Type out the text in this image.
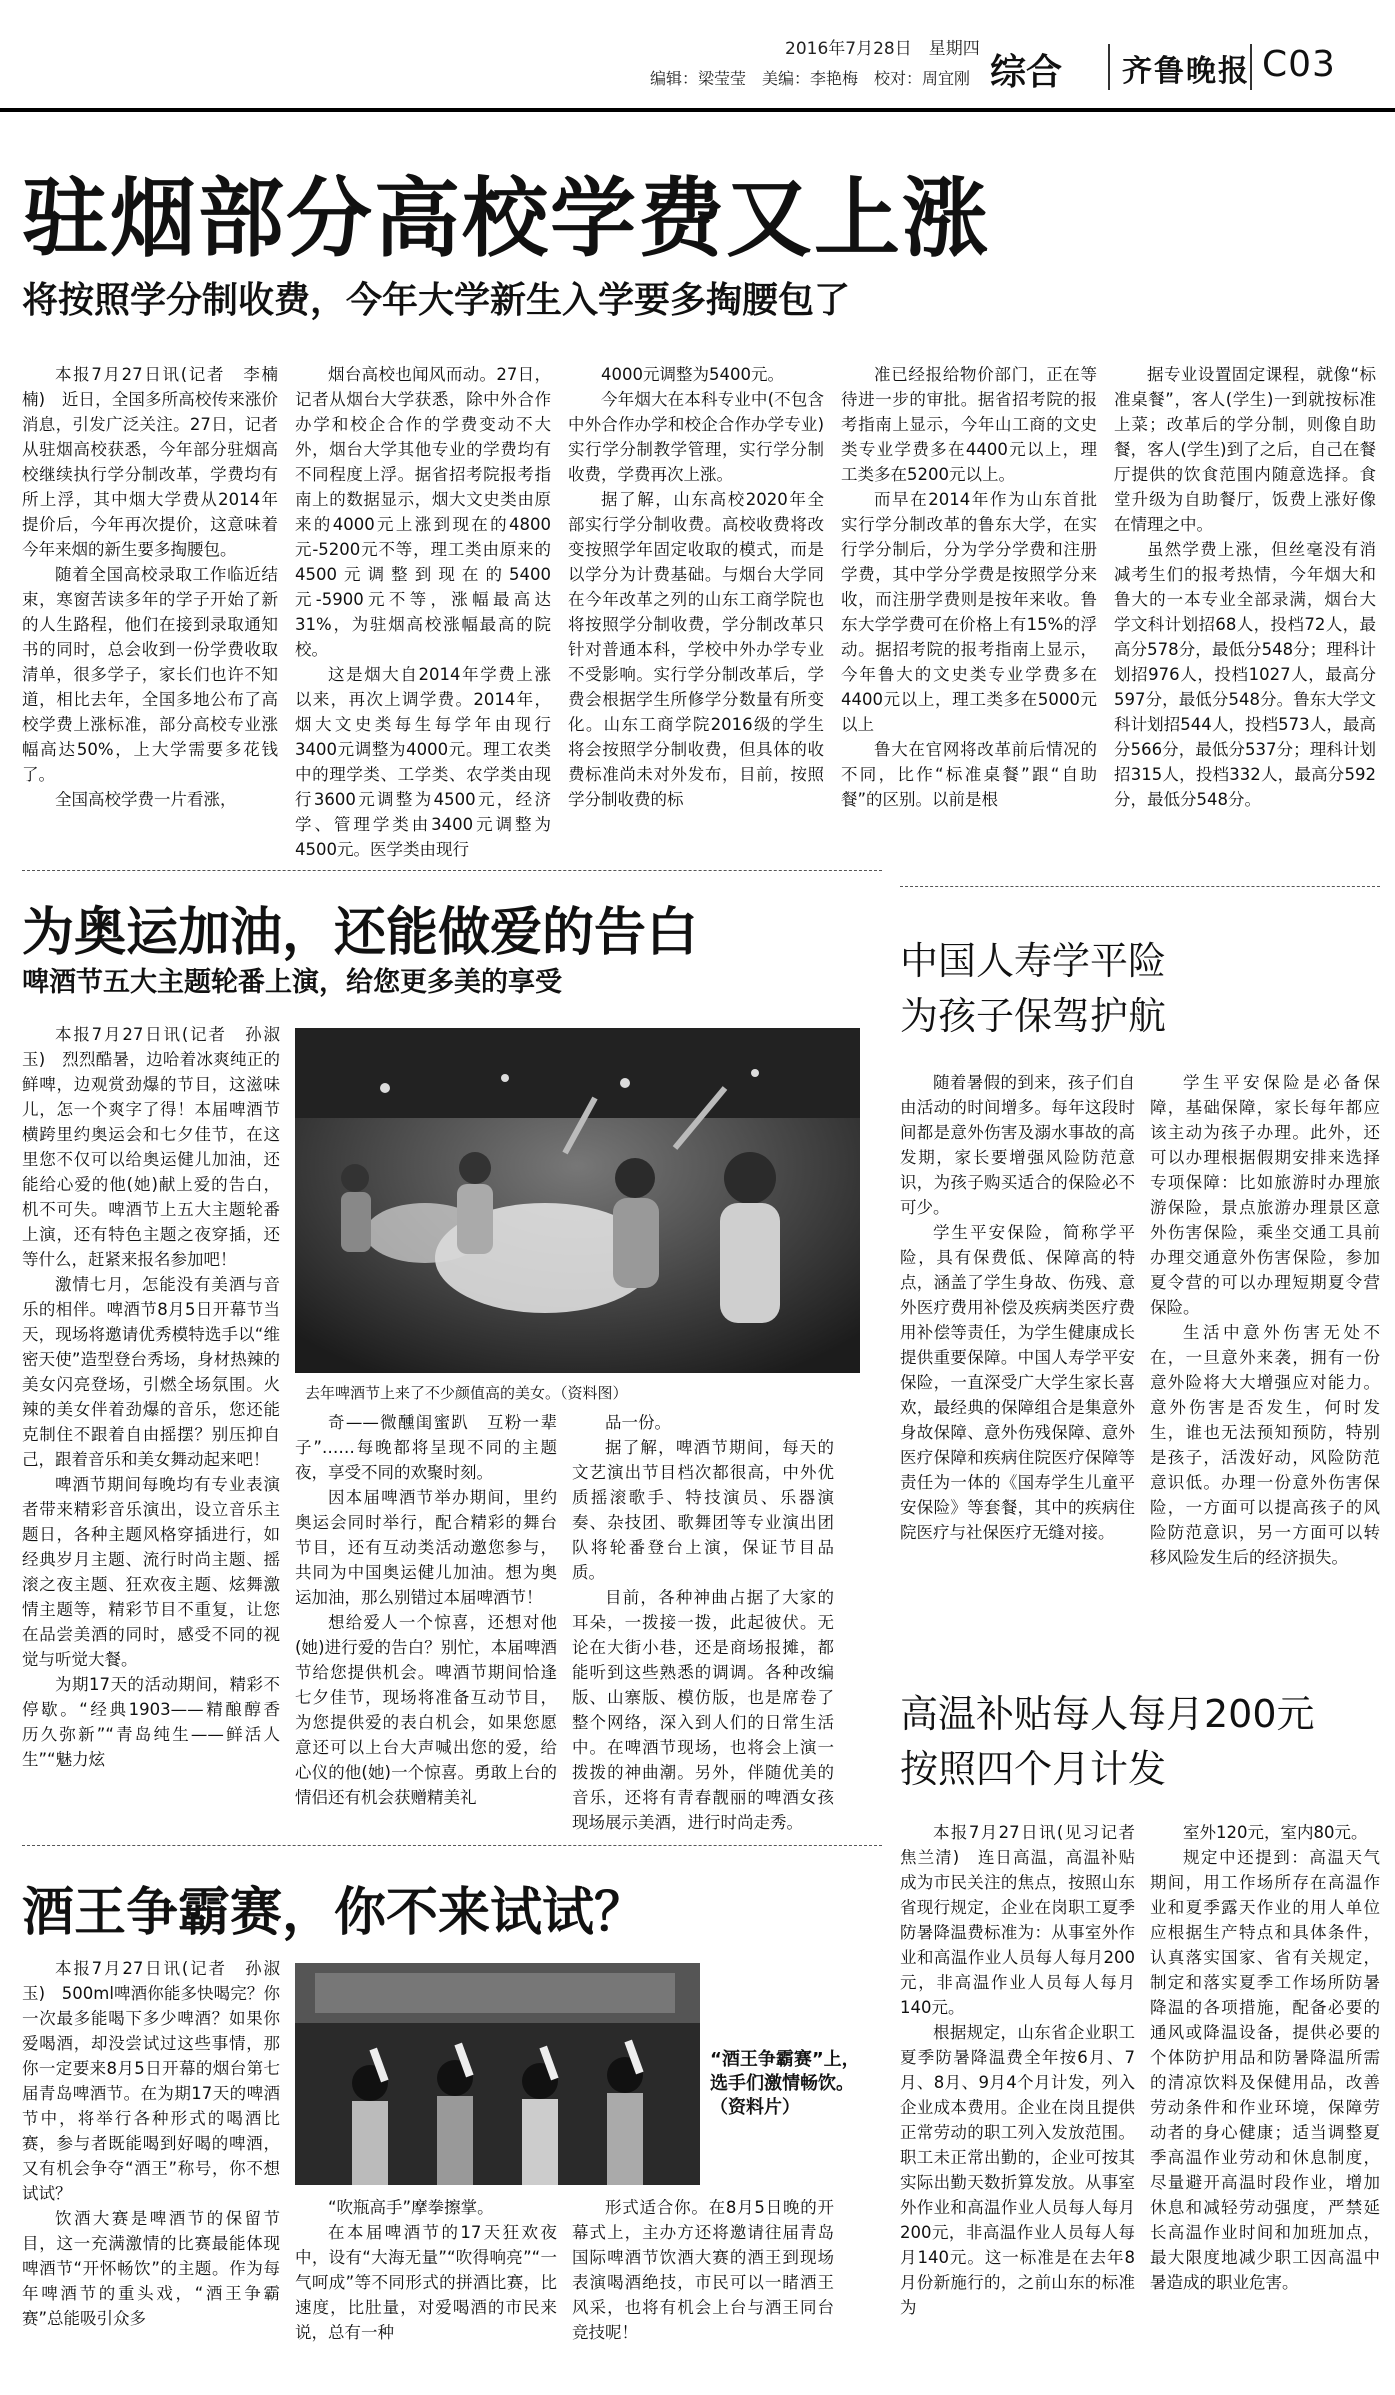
2016年7月28日　星期四
编辑：梁莹莹　美编：李艳梅　校对：周宜刚 综合 齐鲁晚报 C03
驻烟部分高校学费又上涨
将按照学分制收费，今年大学新生入学要多掏腰包了

本报7月27日讯(记者　李楠楠)　近日，全国多所高校传来涨价消息，引发广泛关注。27日，记者从驻烟高校获悉，今年部分驻烟高校继续执行学分制改革，学费均有所上浮，其中烟大学费从2014年提价后，今年再次提价，这意味着今年来烟的新生要多掏腰包。

随着全国高校录取工作临近结束，寒窗苦读多年的学子开始了新的人生路程，他们在接到录取通知书的同时，总会收到一份学费收取清单，很多学子，家长们也许不知道，相比去年，全国多地公布了高校学费上涨标准，部分高校专业涨幅高达50%，上大学需要多花钱了。

全国高校学费一片看涨，

烟台高校也闻风而动。27日，记者从烟台大学获悉，除中外合作办学和校企合作的学费变动不大外，烟台大学其他专业的学费均有不同程度上浮。据省招考院报考指南上的数据显示，烟大文史类由原来的4000元上涨到现在的4800元-5200元不等，理工类由原来的4500元调整到现在的5400元-5900元不等，涨幅最高达31%，为驻烟高校涨幅最高的院校。

这是烟大自2014年学费上涨以来，再次上调学费。2014年，烟大文史类每生每学年由现行3400元调整为4000元。理工农类中的理学类、工学类、农学类由现行3600元调整为4500元，经济学、管理学类由3400元调整为4500元。医学类由现行

4000元调整为5400元。

今年烟大在本科专业中(不包含中外合作办学和校企合作办学专业)实行学分制教学管理，实行学分制收费，学费再次上涨。

据了解，山东高校2020年全部实行学分制收费。高校收费将改变按照学年固定收取的模式，而是以学分为计费基础。与烟台大学同在今年改革之列的山东工商学院也将按照学分制收费，学分制改革只针对普通本科，学校中外办学专业不受影响。实行学分制改革后，学费会根据学生所修学分数量有所变化。山东工商学院2016级的学生将会按照学分制收费，但具体的收费标准尚未对外发布，目前，按照学分制收费的标

准已经报给物价部门，正在等待进一步的审批。据省招考院的报考指南上显示，今年山工商的文史类专业学费多在4400元以上，理工类多在5200元以上。

而早在2014年作为山东首批实行学分制改革的鲁东大学，在实行学分制后，分为学分学费和注册学费，其中学分学费是按照学分来收，而注册学费则是按年来收。鲁东大学学费可在价格上有15%的浮动。据招考院的报考指南上显示，今年鲁大的文史类专业学费多在4400元以上，理工类多在5000元以上

鲁大在官网将改革前后情况的不同，比作“标准桌餐”跟“自助餐”的区别。以前是根

据专业设置固定课程，就像“标准桌餐”，客人(学生)一到就按标准上菜；改革后的学分制，则像自助餐，客人(学生)到了之后，自己在餐厅提供的饮食范围内随意选择。食堂升级为自助餐厅，饭费上涨好像在情理之中。

虽然学费上涨，但丝毫没有消减考生们的报考热情，今年烟大和鲁大的一本专业全部录满，烟台大学文科计划招68人，投档72人，最高分578分，最低分548分；理科计划招976人，投档1027人，最高分597分，最低分548分。鲁东大学文科计划招544人，投档573人，最高分566分，最低分537分；理科计划招315人，投档332人，最高分592分，最低分548分。

为奥运加油，还能做爱的告白
啤酒节五大主题轮番上演，给您更多美的享受

本报7月27日讯(记者　孙淑玉)　烈烈酷暑，边哈着冰爽纯正的鲜啤，边观赏劲爆的节目，这滋味儿，怎一个爽字了得！本届啤酒节横跨里约奥运会和七夕佳节，在这里您不仅可以给奥运健儿加油，还能给心爱的他(她)献上爱的告白，机不可失。啤酒节上五大主题轮番上演，还有特色主题之夜穿插，还等什么，赶紧来报名参加吧！

激情七月，怎能没有美酒与音乐的相伴。啤酒节8月5日开幕节当天，现场将邀请优秀模特选手以“维密天使”造型登台秀场，身材热辣的美女闪亮登场，引燃全场氛围。火辣的美女伴着劲爆的音乐，您还能克制住不跟着自由摇摆？别压抑自己，跟着音乐和美女舞动起来吧！

啤酒节期间每晚均有专业表演者带来精彩音乐演出，设立音乐主题日，各种主题风格穿插进行，如经典岁月主题、流行时尚主题、摇滚之夜主题、狂欢夜主题、炫舞激情主题等，精彩节目不重复，让您在品尝美酒的同时，感受不同的视觉与听觉大餐。

为期17天的活动期间，精彩不停歇。“经典1903——精酿醇香　历久弥新”“青岛纯生——鲜活人生”“魅力炫

去年啤酒节上来了不少颜值高的美女。（资料图）

奇——微醺闺蜜趴　互粉一辈子”……每晚都将呈现不同的主题夜，享受不同的欢聚时刻。

因本届啤酒节举办期间，里约奥运会同时举行，配合精彩的舞台节目，还有互动类活动邀您参与，共同为中国奥运健儿加油。想为奥运加油，那么别错过本届啤酒节！

想给爱人一个惊喜，还想对他(她)进行爱的告白？别忙，本届啤酒节给您提供机会。啤酒节期间恰逢七夕佳节，现场将准备互动节目，为您提供爱的表白机会，如果您愿意还可以上台大声喊出您的爱，给心仪的他(她)一个惊喜。勇敢上台的情侣还有机会获赠精美礼

品一份。

据了解，啤酒节期间，每天的文艺演出节目档次都很高，中外优质摇滚歌手、特技演员、乐器演奏、杂技团、歌舞团等专业演出团队将轮番登台上演，保证节目品质。

目前，各种神曲占据了大家的耳朵，一拨接一拨，此起彼伏。无论在大街小巷，还是商场报摊，都能听到这些熟悉的调调。各种改编版、山寨版、模仿版，也是席卷了整个网络，深入到人们的日常生活中。在啤酒节现场，也将会上演一拨拨的神曲潮。另外，伴随优美的音乐，还将有青春靓丽的啤酒女孩现场展示美酒，进行时尚走秀。

酒王争霸赛，你不来试试？

本报7月27日讯(记者　孙淑玉)　500ml啤酒你能多快喝完？你一次最多能喝下多少啤酒？如果你爱喝酒，却没尝试过这些事情，那你一定要来8月5日开幕的烟台第七届青岛啤酒节。在为期17天的啤酒节中，将举行各种形式的喝酒比赛，参与者既能喝到好喝的啤酒，又有机会争夺“酒王”称号，你不想试试？

饮酒大赛是啤酒节的保留节目，这一充满激情的比赛最能体现啤酒节“开怀畅饮”的主题。作为每年啤酒节的重头戏，“酒王争霸赛”总能吸引众多

“酒王争霸赛”上，选手们激情畅饮。（资料片）

“吹瓶高手”摩拳擦掌。

在本届啤酒节的17天狂欢夜中，设有“大海无量”“吹得响亮”“一气呵成”等不同形式的拼酒比赛，比速度，比肚量，对爱喝酒的市民来说，总有一种

形式适合你。在8月5日晚的开幕式上，主办方还将邀请往届青岛国际啤酒节饮酒大赛的酒王到现场表演喝酒绝技，市民可以一睹酒王风采，也将有机会上台与酒王同台竞技呢！

中国人寿学平险
为孩子保驾护航

随着暑假的到来，孩子们自由活动的时间增多。每年这段时间都是意外伤害及溺水事故的高发期，家长要增强风险防范意识，为孩子购买适合的保险必不可少。

学生平安保险，简称学平险，具有保费低、保障高的特点，涵盖了学生身故、伤残、意外医疗费用补偿及疾病类医疗费用补偿等责任，为学生健康成长提供重要保障。中国人寿学平安保险，一直深受广大学生家长喜欢，最经典的保障组合是集意外身故保障、意外伤残保障、意外医疗保障和疾病住院医疗保障等责任为一体的《国寿学生儿童平安保险》等套餐，其中的疾病住院医疗与社保医疗无缝对接。

学生平安保险是必备保障，基础保障，家长每年都应该主动为孩子办理。此外，还可以办理根据假期安排来选择专项保障：比如旅游时办理旅游保险，景点旅游办理景区意外伤害保险，乘坐交通工具前办理交通意外伤害保险，参加夏令营的可以办理短期夏令营保险。

生活中意外伤害无处不在，一旦意外来袭，拥有一份意外险将大大增强应对能力。意外伤害是否发生，何时发生，谁也无法预知预防，特别是孩子，活泼好动，风险防范意识低。办理一份意外伤害保险，一方面可以提高孩子的风险防范意识，另一方面可以转移风险发生后的经济损失。

高温补贴每人每月200元
按照四个月计发

本报7月27日讯(见习记者　焦兰清)　连日高温，高温补贴成为市民关注的焦点，按照山东省现行规定，企业在岗职工夏季防暑降温费标准为：从事室外作业和高温作业人员每人每月200元，非高温作业人员每人每月140元。

根据规定，山东省企业职工夏季防暑降温费全年按6月、7月、8月、9月4个月计发，列入企业成本费用。企业在岗且提供正常劳动的职工列入发放范围。职工未正常出勤的，企业可按其实际出勤天数折算发放。从事室外作业和高温作业人员每人每月200元，非高温作业人员每人每月140元。这一标准是在去年8月份新施行的，之前山东的标准为

室外120元，室内80元。

规定中还提到：高温天气期间，用工作场所存在高温作业和夏季露天作业的用人单位应根据生产特点和具体条件，认真落实国家、省有关规定，制定和落实夏季工作场所防暑降温的各项措施，配备必要的通风或降温设备，提供必要的个体防护用品和防暑降温所需的清凉饮料及保健用品，改善劳动条件和作业环境，保障劳动者的身心健康；适当调整夏季高温作业劳动和休息制度，尽量避开高温时段作业，增加休息和减轻劳动强度，严禁延长高温作业时间和加班加点，最大限度地减少职工因高温中暑造成的职业危害。
